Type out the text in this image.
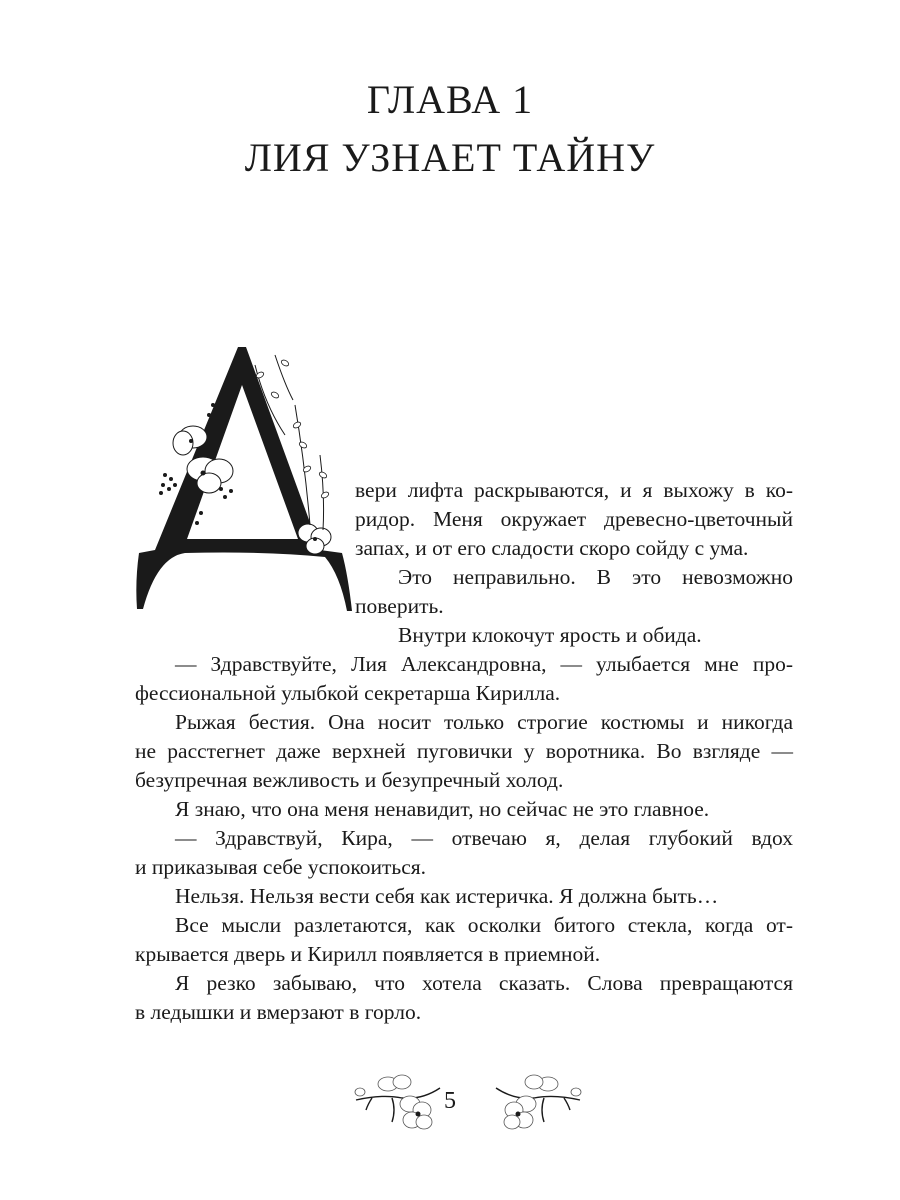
ГЛАВА 1
ЛИЯ УЗНАЕТ ТАЙНУ
вери лифта раскрываются, и я выхожу в ко-
ридор. Меня окружает древесно-цветочный
запах, и от его сладости скоро сойду с ума.
Это неправильно. В это невозможно
поверить.
Внутри клокочут ярость и обида.
— Здравствуйте, Лия Александровна, — улыбается мне про-
фессиональной улыбкой секретарша Кирилла.
Рыжая бестия. Она носит только строгие костюмы и никогда
не расстегнет даже верхней пуговички у воротника. Во взгляде —
безупречная вежливость и безупречный холод.
Я знаю, что она меня ненавидит, но сейчас не это главное.
— Здравствуй, Кира, — отвечаю я, делая глубокий вдох
и приказывая себе успокоиться.
Нельзя. Нельзя вести себя как истеричка. Я должна быть…
Все мысли разлетаются, как осколки битого стекла, когда от-
крывается дверь и Кирилл появляется в приемной.
Я резко забываю, что хотела сказать. Слова превращаются
в ледышки и вмерзают в горло.
5
